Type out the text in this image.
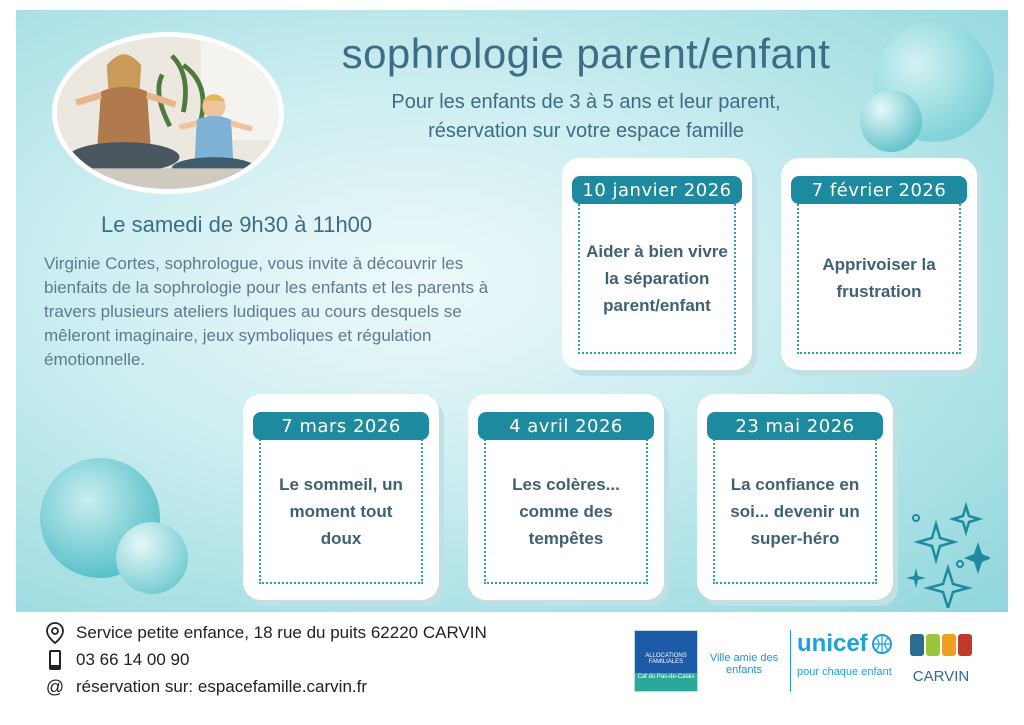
sophrologie parent/enfant
Pour les enfants de 3 à 5 ans et leur parent,
réservation sur votre espace famille
Le samedi de 9h30 à 11h00
Virginie Cortes, sophrologue, vous invite à découvrir les bienfaits de la sophrologie pour les enfants et les parents à travers plusieurs ateliers ludiques au cours desquels se mêleront imaginaire, jeux symboliques et régulation émotionnelle.
Aider à bien vivre la séparation parent/enfant
10 janvier 2026
Apprivoiser la frustration
7 février 2026
Le sommeil, un moment tout doux
7 mars 2026
Les colères... comme des tempêtes
4 avril 2026
La confiance en soi... devenir un super-héro
23 mai 2026
Service petite enfance, 18 rue du puits 62220 CARVIN
03 66 14 00 90
@ réservation sur: espacefamille.carvin.fr
ALLOCATIONS FAMILIALES
Caf du Pas-de-Calais
Ville amie des enfants
unicef
pour chaque enfant	CARVIN
